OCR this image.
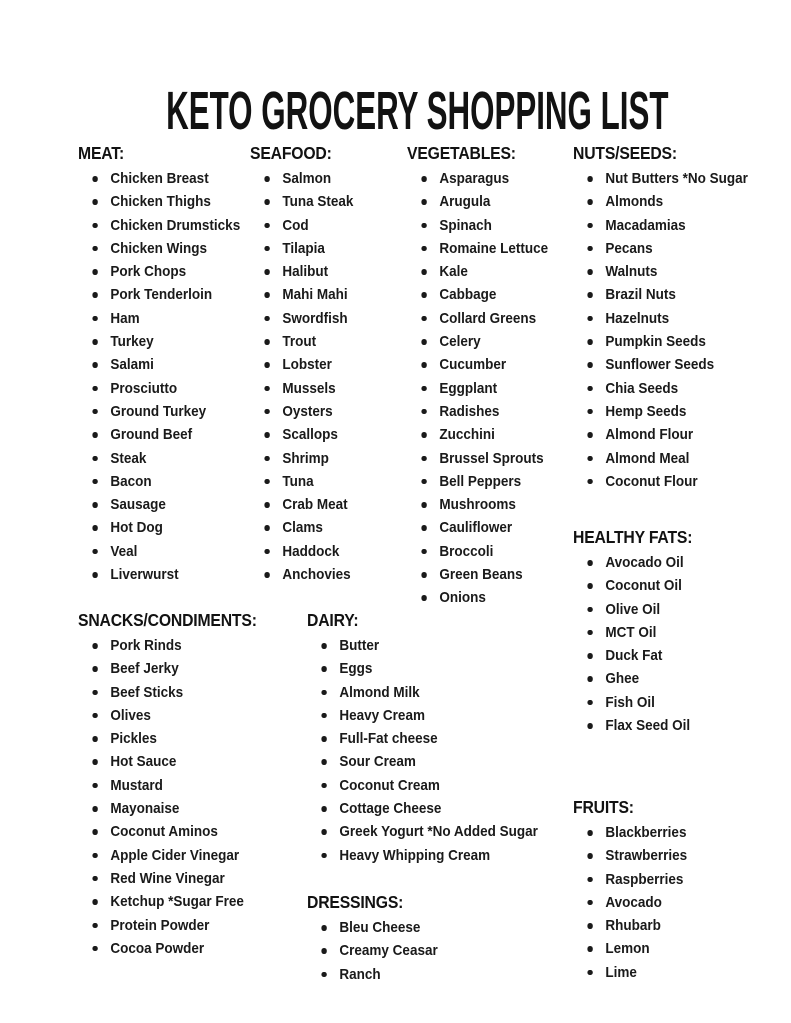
KETO GROCERY SHOPPING LIST
MEAT:
Chicken Breast
Chicken Thighs
Chicken Drumsticks
Chicken Wings
Pork Chops
Pork Tenderloin
Ham
Turkey
Salami
Prosciutto
Ground Turkey
Ground Beef
Steak
Bacon
Sausage
Hot Dog
Veal
Liverwurst
SEAFOOD:
Salmon
Tuna Steak
Cod
Tilapia
Halibut
Mahi Mahi
Swordfish
Trout
Lobster
Mussels
Oysters
Scallops
Shrimp
Tuna
Crab Meat
Clams
Haddock
Anchovies
VEGETABLES:
Asparagus
Arugula
Spinach
Romaine Lettuce
Kale
Cabbage
Collard Greens
Celery
Cucumber
Eggplant
Radishes
Zucchini
Brussel Sprouts
Bell Peppers
Mushrooms
Cauliflower
Broccoli
Green Beans
Onions
NUTS/SEEDS:
Nut Butters *No Sugar
Almonds
Macadamias
Pecans
Walnuts
Brazil Nuts
Hazelnuts
Pumpkin Seeds
Sunflower Seeds
Chia Seeds
Hemp Seeds
Almond Flour
Almond Meal
Coconut Flour
HEALTHY FATS:
Avocado Oil
Coconut Oil
Olive Oil
MCT Oil
Duck Fat
Ghee
Fish Oil
Flax Seed Oil
SNACKS/CONDIMENTS:
Pork Rinds
Beef Jerky
Beef Sticks
Olives
Pickles
Hot Sauce
Mustard
Mayonaise
Coconut Aminos
Apple Cider Vinegar
Red Wine Vinegar
Ketchup *Sugar Free
Protein Powder
Cocoa Powder
DAIRY:
Butter
Eggs
Almond Milk
Heavy Cream
Full-Fat cheese
Sour Cream
Coconut Cream
Cottage Cheese
Greek Yogurt *No Added Sugar
Heavy Whipping Cream
FRUITS:
Blackberries
Strawberries
Raspberries
Avocado
Rhubarb
Lemon
Lime
DRESSINGS:
Bleu Cheese
Creamy Ceasar
Ranch
